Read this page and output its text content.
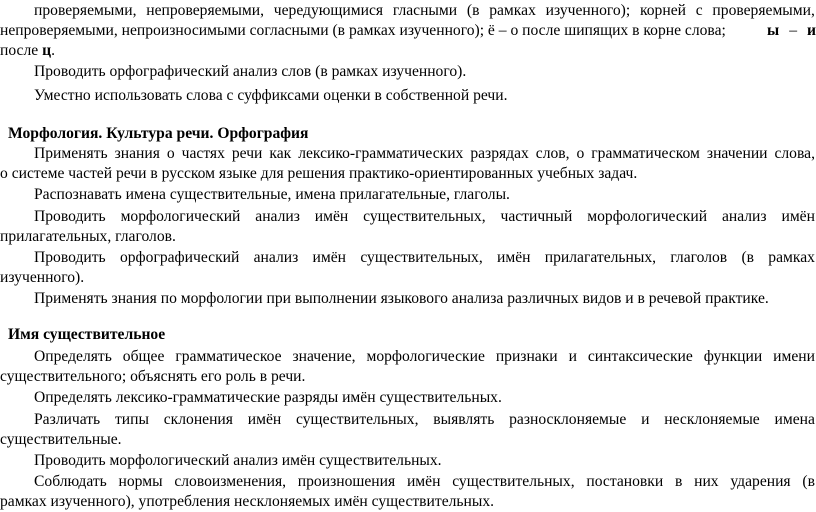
проверяемыми, непроверяемыми, чередующимися гласными (в рамках изученного); корней с проверяемыми,
непроверяемыми, непроизносимыми согласными (в рамках изученного); ё – о после шипящих в корне слова;	ы – и
после ц.
Проводить орфографический анализ слов (в рамках изученного).
Уместно использовать слова с суффиксами оценки в собственной речи.
Морфология. Культура речи. Орфография
Применять знания о частях речи как лексико-грамматических разрядах слов, о грамматическом значении слова,
о системе частей речи в русском языке для решения практико-ориентированных учебных задач.
Распознавать имена существительные, имена прилагательные, глаголы.
Проводить морфологический анализ имён существительных, частичный морфологический анализ имён
прилагательных, глаголов.
Проводить орфографический анализ имён существительных, имён прилагательных, глаголов (в рамках
изученного).
Применять знания по морфологии при выполнении языкового анализа различных видов и в речевой практике.
Имя существительное
Определять общее грамматическое значение, морфологические признаки и синтаксические функции имени
существительного; объяснять его роль в речи.
Определять лексико-грамматические разряды имён существительных.
Различать типы склонения имён существительных, выявлять разносклоняемые и несклоняемые имена
существительные.
Проводить морфологический анализ имён существительных.
Соблюдать нормы словоизменения, произношения имён существительных, постановки в них ударения (в
рамках изученного), употребления несклоняемых имён существительных.
